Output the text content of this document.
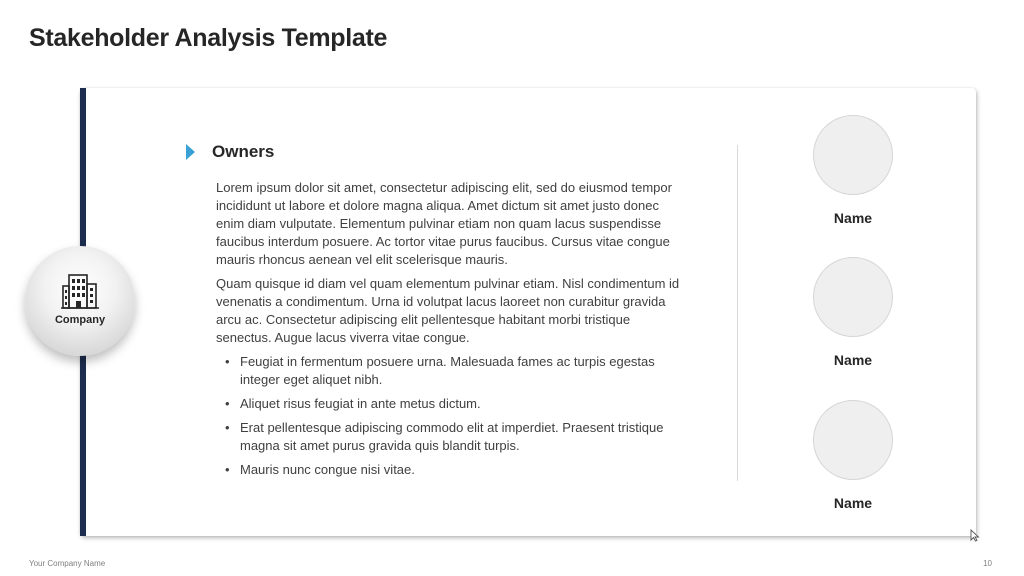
Stakeholder Analysis Template
Company
Owners

Lorem ipsum dolor sit amet, consectetur adipiscing elit, sed do eiusmod tempor incididunt ut labore et dolore magna aliqua. Amet dictum sit amet justo donec enim diam vulputate. Elementum pulvinar etiam non quam lacus suspendisse faucibus interdum posuere. Ac tortor vitae purus faucibus. Cursus vitae congue mauris rhoncus aenean vel elit scelerisque mauris.

Quam quisque id diam vel quam elementum pulvinar etiam. Nisl condimentum id venenatis a condimentum. Urna id volutpat lacus laoreet non curabitur gravida arcu ac. Consectetur adipiscing elit pellentesque habitant morbi tristique senectus. Augue lacus viverra vitae congue.

• Feugiat in fermentum posuere urna. Malesuada fames ac turpis egestas integer eget aliquet nibh.
• Aliquet risus feugiat in ante metus dictum.
• Erat pellentesque adipiscing commodo elit at imperdiet. Praesent tristique magna sit amet purus gravida quis blandit turpis.
• Mauris nunc congue nisi vitae.
Name
Name
Name
Your Company Name	10
